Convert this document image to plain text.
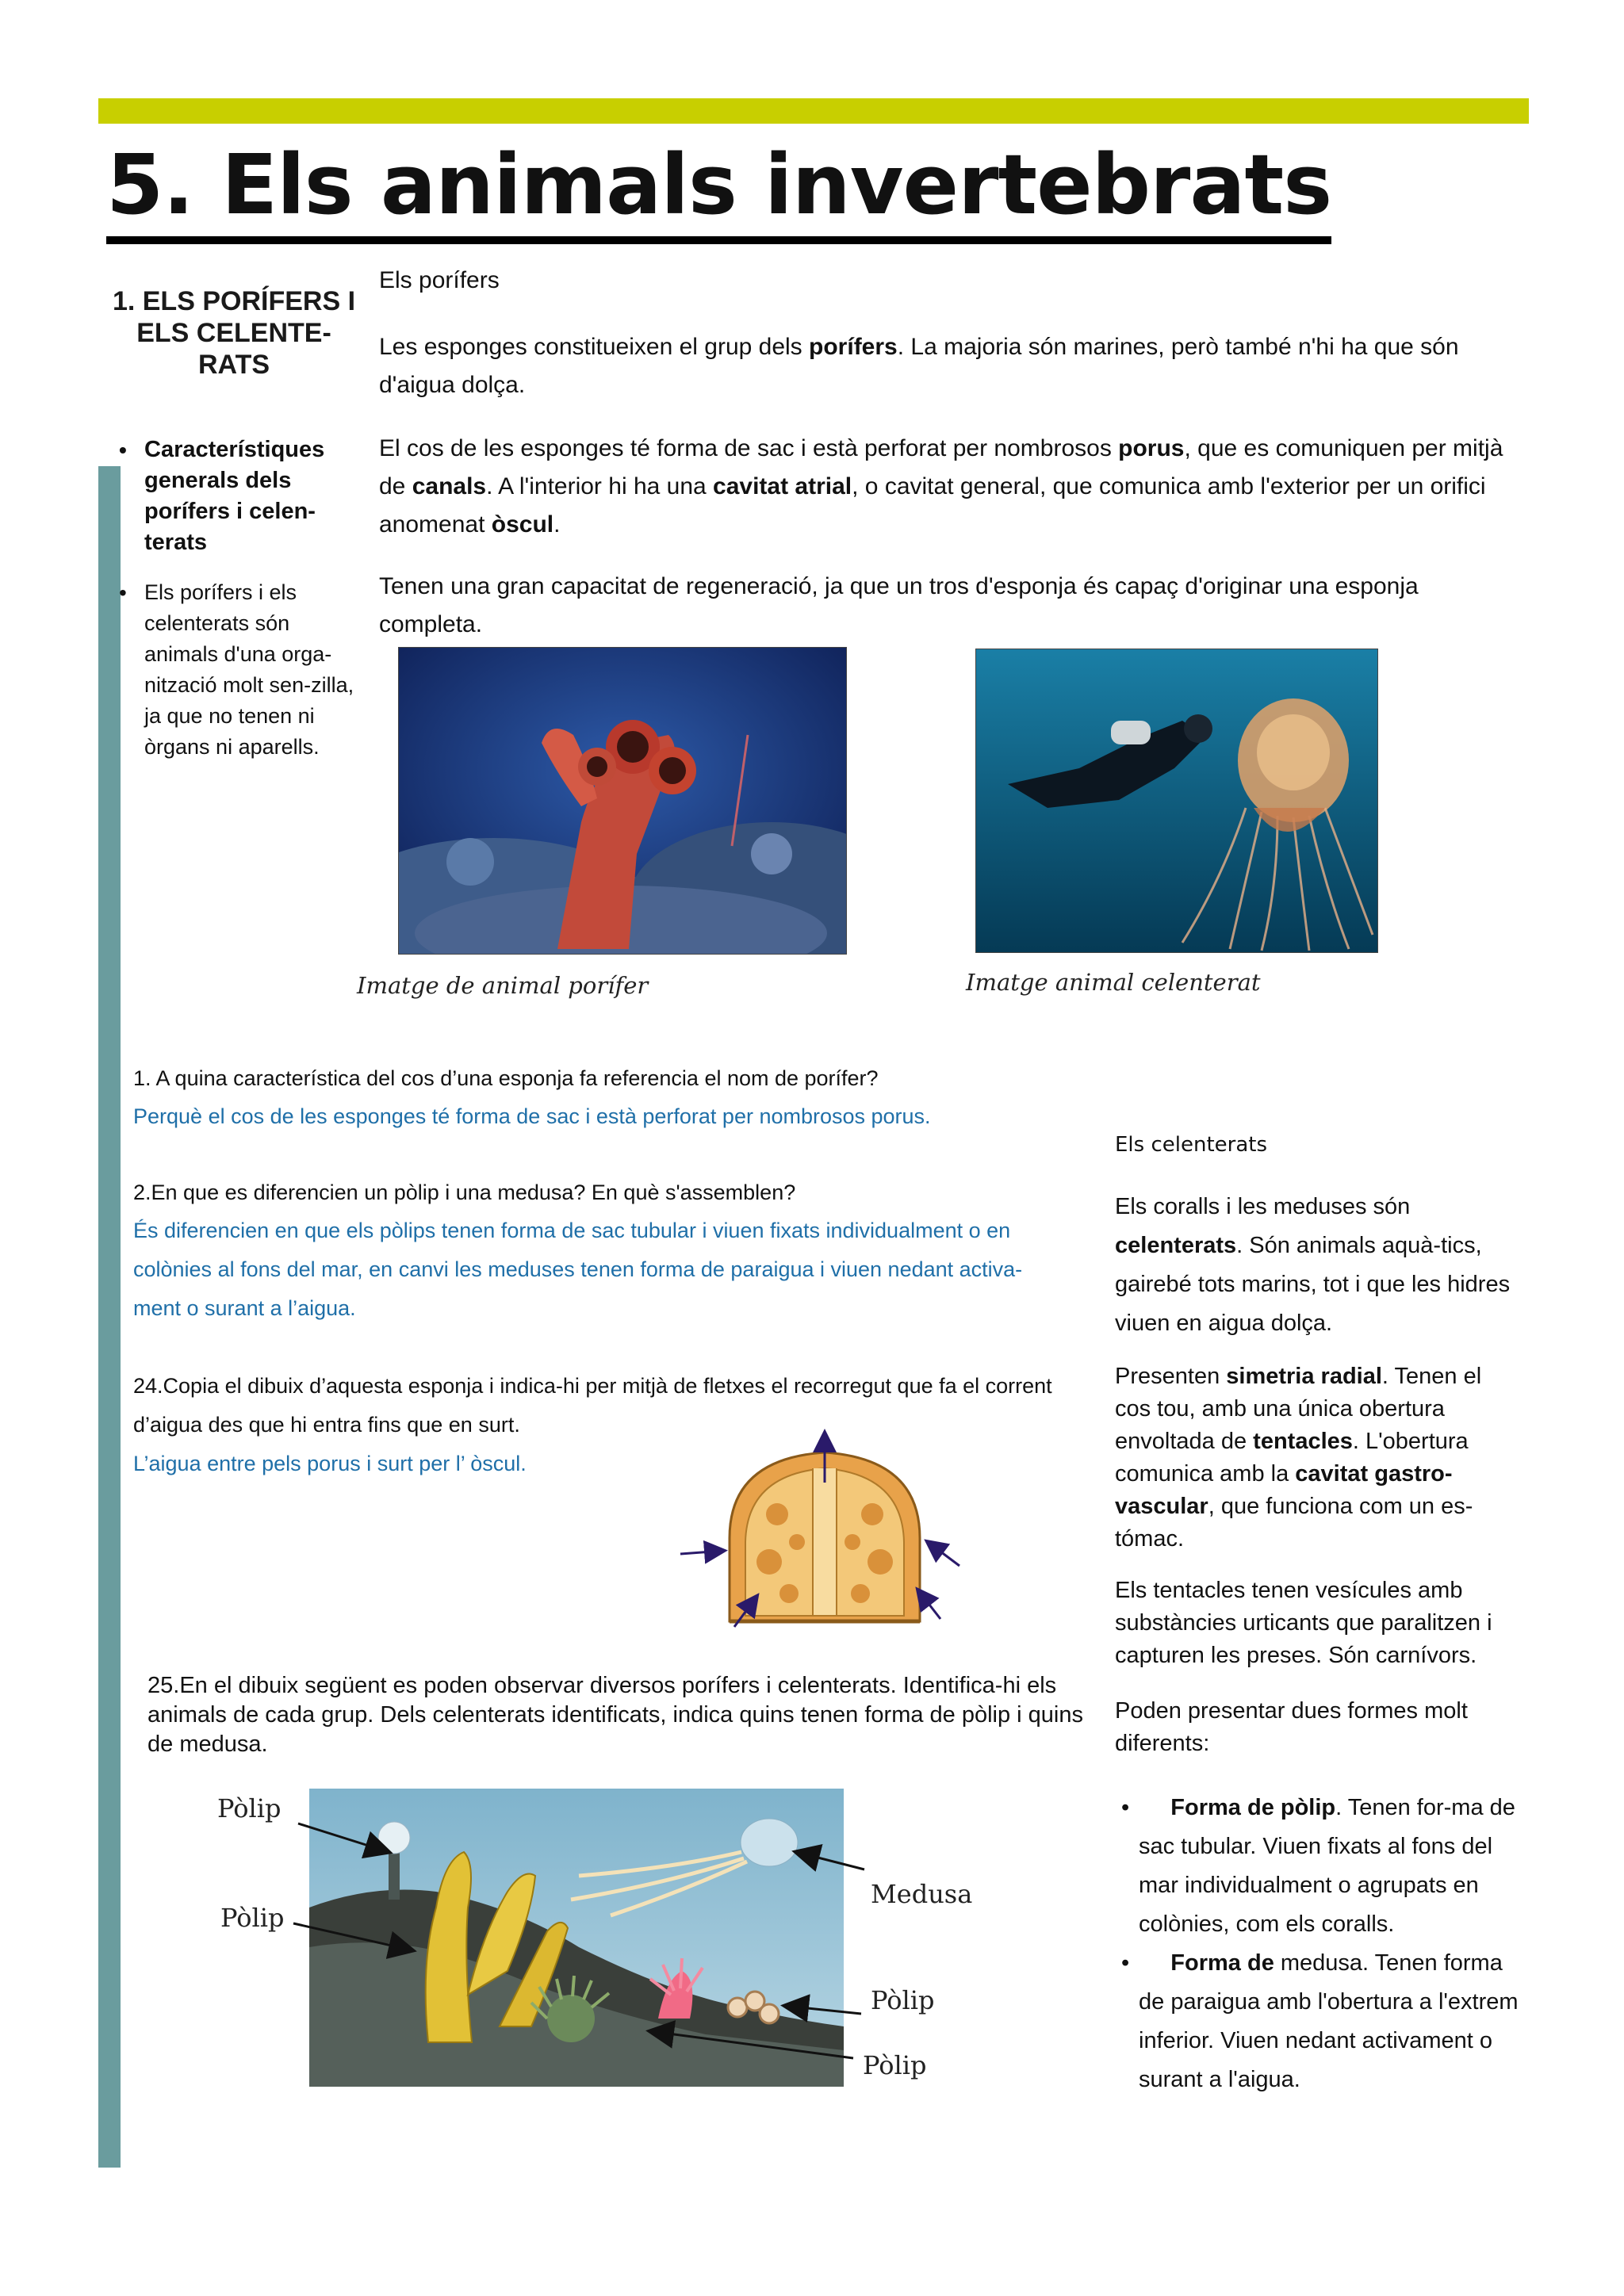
5. Els animals invertebrats
1. ELS PORÍFERS I ELS CELENTE-RATS
• Característiques generals dels porífers i celen-terats
• Els porífers i els celenterats són animals d'una orga-nització molt sen-zilla, ja que no tenen ni òrgans ni aparells.
Els porífers
Les esponges constitueixen el grup dels porífers. La majoria són marines, però també n'hi ha que són d'aigua dolça.
El cos de les esponges té forma de sac i està perforat per nombrosos porus, que es comuniquen per mitjà de canals. A l'interior hi ha una cavitat atrial, o cavitat general, que comunica amb l'exterior per un orifici anomenat òscul.
Tenen una gran capacitat de regeneració, ja que un tros d'esponja és capaç d'originar una esponja completa.
Imatge de animal porífer	Imatge animal celenterat
1. A quina característica del cos d’una esponja fa referencia el nom de porífer?
Perquè el cos de les esponges té forma de sac i està perforat per nombrosos porus.
2.En que es diferencien un pòlip i una medusa? En què s'assemblen?
És diferencien en que els pòlips tenen forma de sac tubular i viuen fixats individualment o en colònies al fons del mar, en canvi les meduses tenen forma de paraigua i viuen nedant activa-ment o surant a l’aigua.
24.Copia el dibuix d’aquesta esponja i indica-hi per mitjà de fletxes el recorregut que fa el corrent d’aigua des que hi entra fins que en surt.
L’aigua entre pels porus i surt per l’ òscul.
25.En el dibuix següent es poden observar diversos porífers i celenterats. Identifica-hi els animals de cada grup. Dels celenterats identificats, indica quins tenen forma de pòlip i quins de medusa.
Pòlip
Pòlip
Medusa
Pòlip
Pòlip
Els celenterats
Els coralls i les meduses són celenterats. Són animals aquà-tics, gairebé tots marins, tot i que les hidres viuen en aigua dolça.
Presenten simetria radial. Tenen el cos tou, amb una única obertura envoltada de tentacles. L'obertura comunica amb la cavitat gastro-vascular, que funciona com un es-tómac.
Els tentacles tenen vesícules amb substàncies urticants que paralitzen i capturen les preses. Són carnívors.
Poden presentar dues formes molt diferents:
• Forma de pòlip. Tenen for-ma de sac tubular. Viuen fixats al fons del mar individualment o agrupats en colònies, com els coralls.
• Forma de medusa. Tenen forma de paraigua amb l'obertura a l'extrem inferior. Viuen nedant activament o surant a l'aigua.
